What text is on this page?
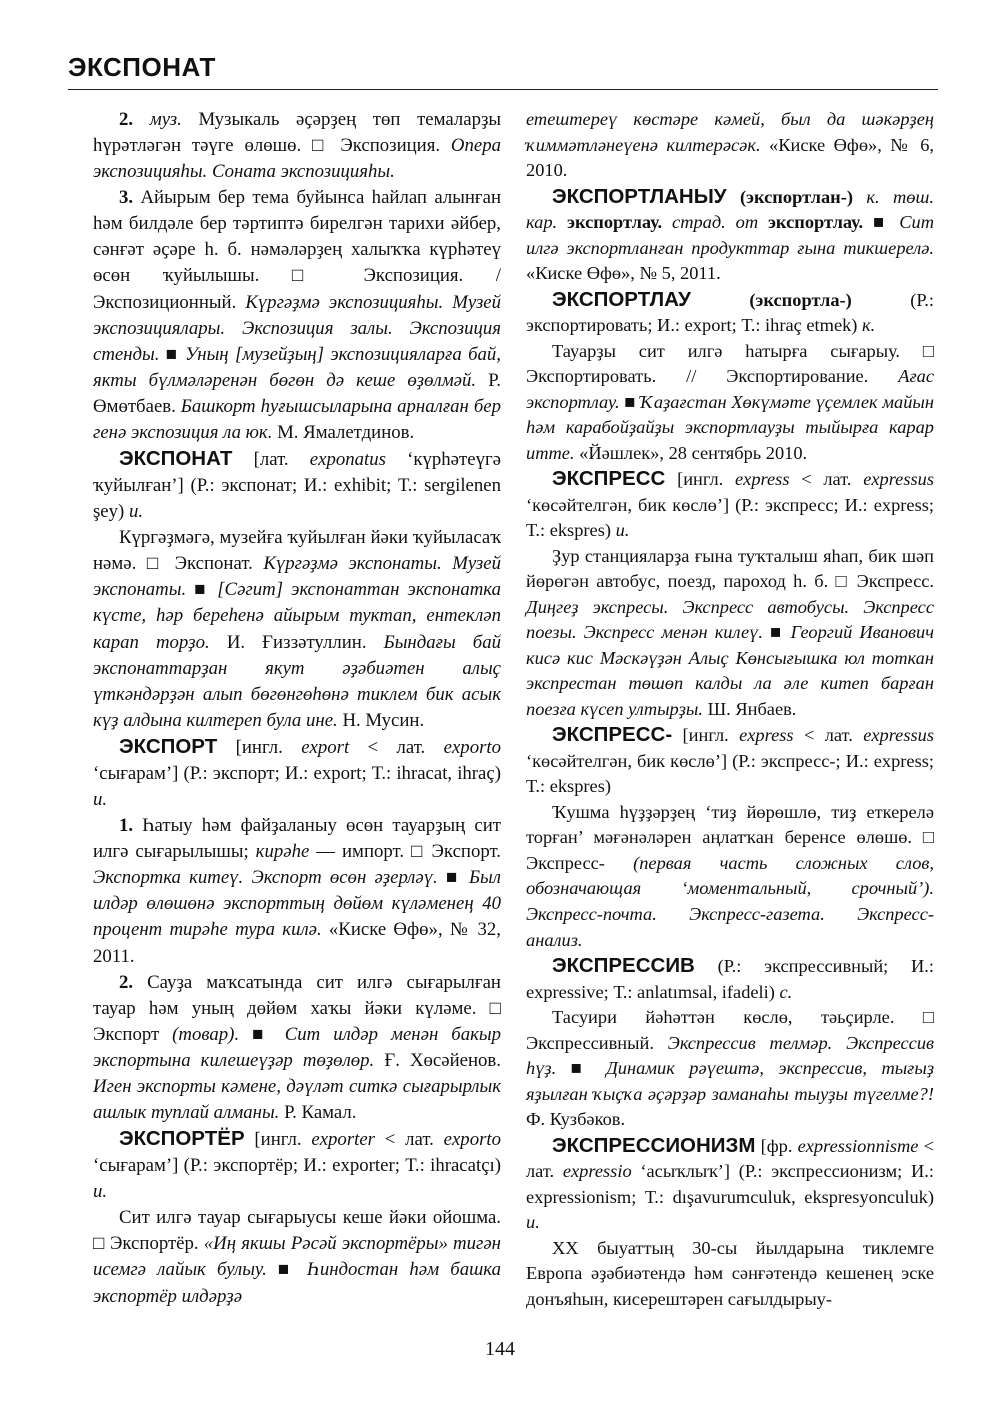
ЭКСПОНАТ

2. муз. Музыкаль әҫәрҙең төп темаларҙы һүрәтләгән тәүге өлөшө. □ Экспозиция. Опера экспозицияһы. Соната экспозицияһы.

3. Айырым бер тема буйынса һайлап алынған һәм билдәле бер тәртиптә бирелгән тарихи әйбер, сәнғәт әҫәре һ. б. нәмәләрҙең халыҡҡа күрһәтеү өсөн ҡуйылышы. □ Экспозиция. / Экспозиционный. Күргәҙмә экспозицияһы. Музей экспозициялары. Экспозиция залы. Экспозиция стенды. ■ Уның [музейҙың] экспозицияларға бай, якты бүлмәләренән бөгөн дә кеше өҙөлмәй. Р. Өмөтбаев. Башкорт һуғышсыларына арналған бер генә экспозиция ла юк. М. Ямалетдинов.

ЭКСПОНАТ [лат. exponatus ‘күрһәтеүгә ҡуйылған’] (Р.: экспонат; И.: exhibit; Т.: sergilenen şey) и.

Күргәҙмәгә, музейға ҡуйылған йәки ҡуйыласаҡ нәмә. □ Экспонат. Күргәҙмә экспонаты. Музей экспонаты. ■ [Сәгит] экспонаттан экспонатка күсте, һәр береһенә айырым туктап, ентекләп карап торҙо. И. Ғиззәтуллин. Бындағы бай экспонаттарҙан якут әҙәбиәтен алыҫ үткәндәрҙән алып бөгөнгөһөнә тиклем бик асык күҙ алдына килтереп була ине. Н. Мусин.

ЭКСПОРТ [ингл. export < лат. exporto ‘сығарам’] (Р.: экспорт; И.: export; Т.: ihracat, ihraç) и.

1. Һатыу һәм файҙаланыу өсөн тауарҙың сит илгә сығарылышы; кирәһе — импорт. □ Экспорт. Экспортка китеү. Экспорт өсөн әҙерләү. ■ Был илдәр өлөшөнә экспорттың дөйөм күләменең 40 процент тирәһе тура килә. «Киске Өфө», № 32, 2011.

2. Сауҙа маҡсатында сит илгә сығарылған тауар һәм уның дөйөм хаҡы йәки күләме. □ Экспорт (товар). ■ Сит илдәр менән бакыр экспортына килешеүҙәр төҙөлөр. Ғ. Хөсәйенов. Иген экспорты кәмене, дәүләт ситкә сығарырлык ашлык туплай алманы. Р. Камал.

ЭКСПОРТЁР [ингл. exporter < лат. exporto ‘сығарам’] (Р.: экспортёр; И.: exporter; Т.: ihracatçı) и.

Сит илгә тауар сығарыусы кеше йәки ойошма. □ Экспортёр. «Иң якшы Рәсәй экспортёры» тигән исемгә лайык булыу. ■ Һиндостан һәм башка экспортёр илдәрҙә

етештереү көстәре кәмей, был да шәкәрҙең ҡиммәтләнеүенә килтерәсәк. «Киске Өфө», № 6, 2010.

ЭКСПОРТЛАНЫУ (экспортлан-) к. төш. кар. экспортлау. страд. от экспортлау. ■ Сит илгә экспортланған продукттар ғына тикшерелә. «Киске Өфө», № 5, 2011.

ЭКСПОРТЛАУ	(экспортла-) (Р.: экспортировать; И.: export; Т.: ihraç etmek) к.

Тауарҙы сит илгә һатырға сығарыу. □ Экспортировать. // Экспортирование. Ағас экспортлау. ■ Ҡаҙағстан Хөкүмәте үҫемлек майын һәм карабойҙайҙы экспортлауҙы тыйырға карар итте. «Йәшлек», 28 сентябрь 2010.

ЭКСПРЕСС [ингл. express < лат. expressus ‘көсәйтелгән, бик көслө’] (Р.: экспресс; И.: express; Т.: ekspres) и.

Ҙур станцияларҙа ғына туҡталыш яһап, бик шәп йөрөгән автобус, поезд, пароход һ. б. □ Экспресс. Диңгеҙ экспресы. Экспресс автобусы. Экспресс поезы. Экспресс менән килеү. ■ Георгий Иванович кисә кис Мәскәүҙән Алыҫ Көнсығышка юл тоткан экспрестан төшөп калды ла әле китеп барған поезға күсеп ултырҙы. Ш. Янбаев.

ЭКСПРЕСС- [ингл. express < лат. expressus ‘көсәйтелгән, бик көслө’] (Р.: экспресс-; И.: express; Т.: ekspres)

Ҡушма һүҙҙәрҙең ‘тиҙ йөрөшлө, тиҙ еткерелә торған’ мәғәнәләрен аңлатҡан беренсе өлөшө. □ Экспресс- (первая часть сложных слов, обозначающая ‘моментальный, срочный’). Экспресс-почта. Экспресс-газета. Экспресс-анализ.

ЭКСПРЕССИВ (Р.: экспрессивный; И.: expressive; Т.: anlatımsal, ifadeli) с.

Тасуири йәһәттән көслө, тәьҫирле. □ Экспрессивный. Экспрессив телмәр. Экспрессив һүҙ. ■ Динамик рәүештә, экспрессив, тығыҙ яҙылған ҡыҫҡа әҫәрҙәр заманаһы тыуҙы түгелме?! Ф. Кузбәков.

ЭКСПРЕССИОНИЗМ [фр. expressionnisme < лат. expressio ‘асыҡлыҡ’] (Р.: экспрессионизм; И.: expressionism; Т.: dışavurumculuk, ekspresyonculuk) и.

XX быуаттың 30-сы йылдарына тиклемге Европа әҙәбиәтендә һәм сәнғәтендә кешенең эске донъяһын, кисерештәрен сағылдырыу-

144
